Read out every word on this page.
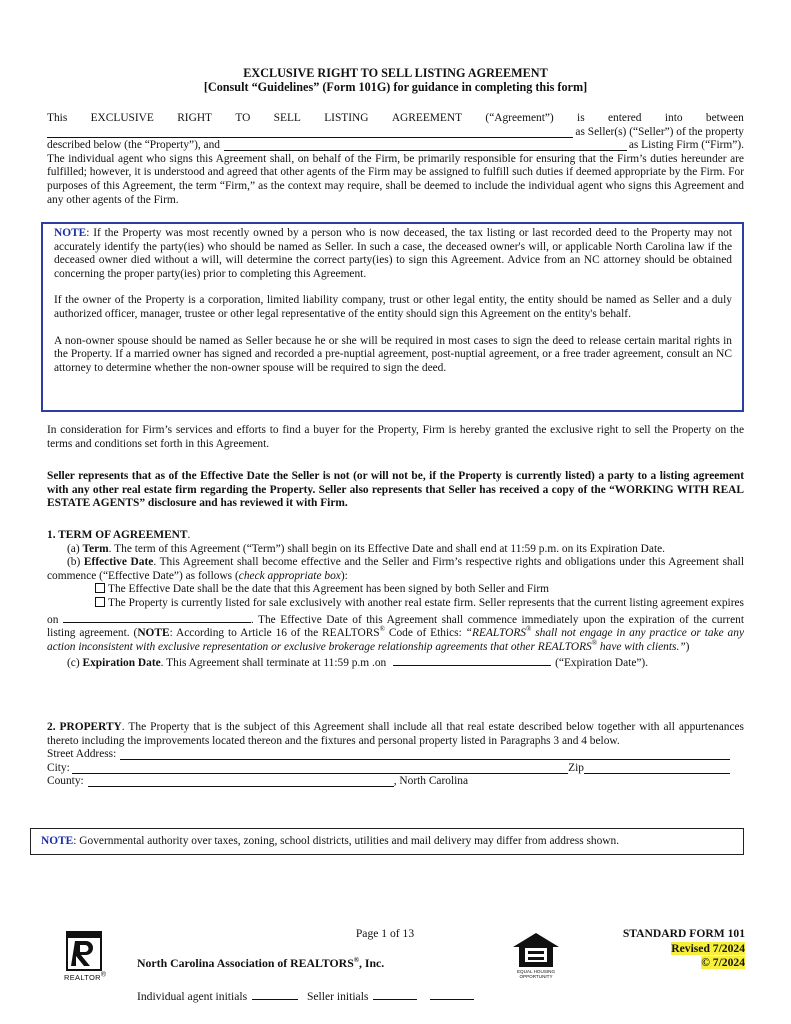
EXCLUSIVE RIGHT TO SELL LISTING AGREEMENT
[Consult “Guidelines” (Form 101G) for guidance in completing this form]
This EXCLUSIVE RIGHT TO SELL LISTING AGREEMENT (“Agreement”) is entered into between
as Seller(s) (“Seller”) of the property
described below (the “Property”), and	as Listing Firm (“Firm”).
The individual agent who signs this Agreement shall, on behalf of the Firm, be primarily responsible for ensuring that the Firm’s duties hereunder are fulfilled; however, it is understood and agreed that other agents of the Firm may be assigned to fulfill such duties if deemed appropriate by the Firm. For purposes of this Agreement, the term “Firm,” as the context may require, shall be deemed to include the individual agent who signs this Agreement and any other agents of the Firm.

NOTE: If the Property was most recently owned by a person who is now deceased, the tax listing or last recorded deed to the Property may not accurately identify the party(ies) who should be named as Seller. In such a case, the deceased owner's will, or applicable North Carolina law if the deceased owner died without a will, will determine the correct party(ies) to sign this Agreement. Advice from an NC attorney should be obtained concerning the proper party(ies) prior to completing this Agreement.

If the owner of the Property is a corporation, limited liability company, trust or other legal entity, the entity should be named as Seller and a duly authorized officer, manager, trustee or other legal representative of the entity should sign this Agreement on the entity's behalf.

A non-owner spouse should be named as Seller because he or she will be required in most cases to sign the deed to release certain marital rights in the Property. If a married owner has signed and recorded a pre-nuptial agreement, post-nuptial agreement, or a free trader agreement, consult an NC attorney to determine whether the non-owner spouse will be required to sign the deed.

In consideration for Firm’s services and efforts to find a buyer for the Property, Firm is hereby granted the exclusive right to sell the Property on the terms and conditions set forth in this Agreement.
Seller represents that as of the Effective Date the Seller is not (or will not be, if the Property is currently listed) a party to a listing agreement with any other real estate firm regarding the Property. Seller also represents that Seller has received a copy of the “WORKING WITH REAL ESTATE AGENTS” disclosure and has reviewed it with Firm.
1. TERM OF AGREEMENT.
(a) Term. The term of this Agreement (“Term”) shall begin on its Effective Date and shall end at 11:59 p.m. on its Expiration Date.
(b) Effective Date. This Agreement shall become effective and the Seller and Firm’s respective rights and obligations under this Agreement shall commence (“Effective Date”) as follows (check appropriate box):
The Effective Date shall be the date that this Agreement has been signed by both Seller and Firm
The Property is currently listed for sale exclusively with another real estate firm. Seller represents that the current listing agreement expires on	. The Effective Date of this Agreement shall commence immediately upon the expiration of the current listing agreement. (NOTE: According to Article 16 of the REALTORS® Code of Ethics: “REALTORS® shall not engage in any practice or take any action inconsistent with exclusive representation or exclusive brokerage relationship agreements that other REALTORS® have with clients.”)
(c) Expiration Date. This Agreement shall terminate at 11:59 p.m .on	(“Expiration Date”).
2. PROPERTY. The Property that is the subject of this Agreement shall include all that real estate described below together with all appurtenances thereto including the improvements located thereon and the fixtures and personal property listed in Paragraphs 3 and 4 below.
Street Address:
City:	Zip
County:	, North Carolina
NOTE: Governmental authority over taxes, zoning, school districts, utilities and mail delivery may differ from address shown.
REALTOR®
Page 1 of 13
North Carolina Association of REALTORS®, Inc.
Individual agent initials	Seller initials
EQUAL HOUSING OPPORTUNITY
STANDARD FORM 101
Revised 7/2024
© 7/2024
